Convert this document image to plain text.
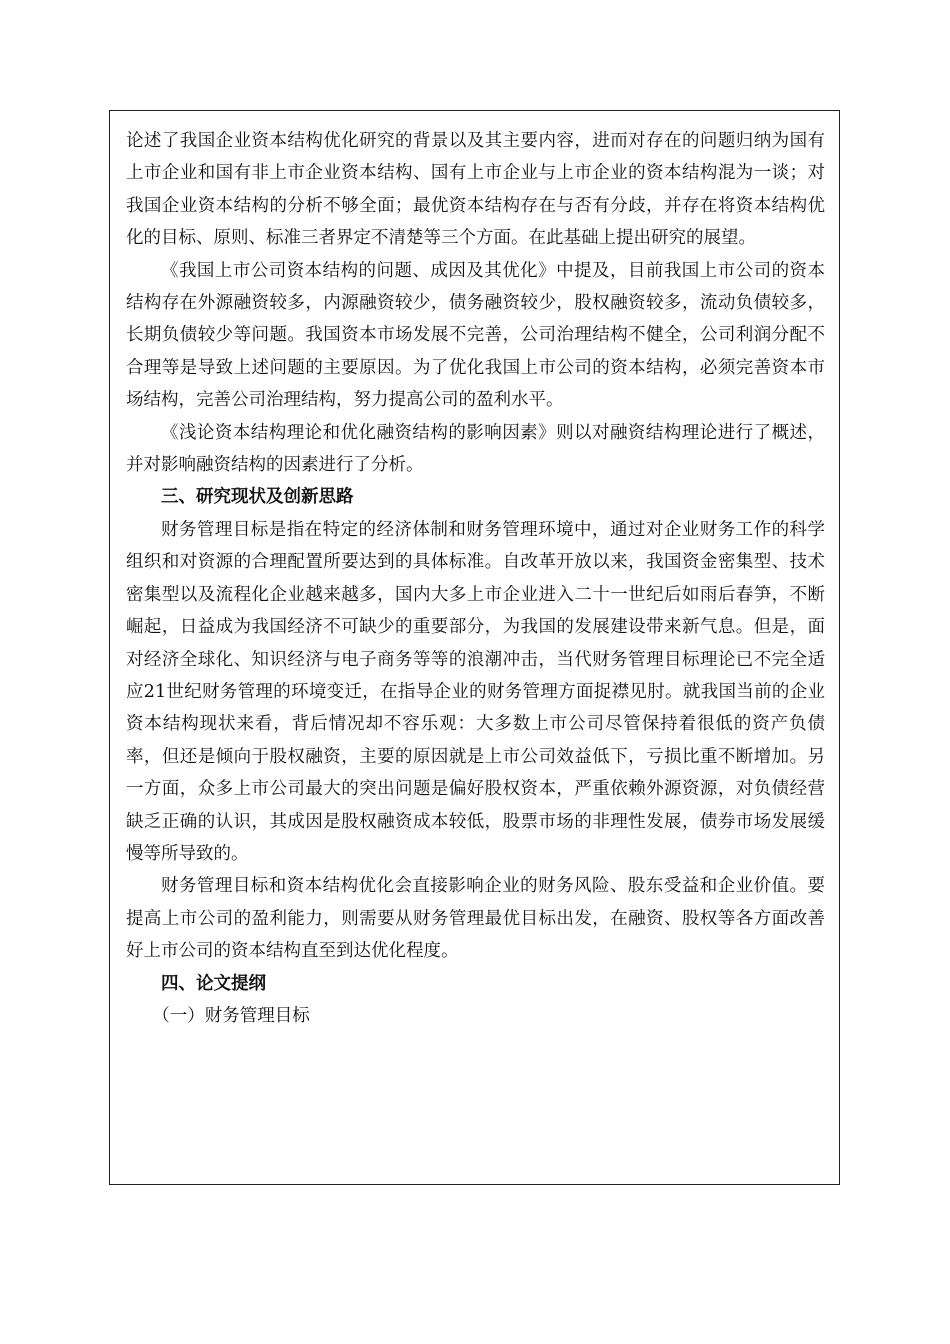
论述了我国企业资本结构优化研究的背景以及其主要内容，进而对存在的问题归纳为国有上市企业和国有非上市企业资本结构、国有上市企业与上市企业的资本结构混为一谈；对我国企业资本结构的分析不够全面；最优资本结构存在与否有分歧，并存在将资本结构优化的目标、原则、标准三者界定不清楚等三个方面。在此基础上提出研究的展望。

《我国上市公司资本结构的问题、成因及其优化》中提及，目前我国上市公司的资本结构存在外源融资较多，内源融资较少，债务融资较少，股权融资较多，流动负债较多，长期负债较少等问题。我国资本市场发展不完善，公司治理结构不健全，公司利润分配不合理等是导致上述问题的主要原因。为了优化我国上市公司的资本结构，必须完善资本市场结构，完善公司治理结构，努力提高公司的盈利水平。

《浅论资本结构理论和优化融资结构的影响因素》则以对融资结构理论进行了概述，并对影响融资结构的因素进行了分析。

三、研究现状及创新思路

财务管理目标是指在特定的经济体制和财务管理环境中，通过对企业财务工作的科学组织和对资源的合理配置所要达到的具体标准。自改革开放以来，我国资金密集型、技术密集型以及流程化企业越来越多，国内大多上市企业进入二十一世纪后如雨后春笋，不断崛起，日益成为我国经济不可缺少的重要部分，为我国的发展建设带来新气息。但是，面对经济全球化、知识经济与电子商务等等的浪潮冲击，当代财务管理目标理论已不完全适应21世纪财务管理的环境变迁，在指导企业的财务管理方面捉襟见肘。就我国当前的企业资本结构现状来看，背后情况却不容乐观：大多数上市公司尽管保持着很低的资产负债率，但还是倾向于股权融资，主要的原因就是上市公司效益低下，亏损比重不断增加。另一方面，众多上市公司最大的突出问题是偏好股权资本，严重依赖外源资源，对负债经营缺乏正确的认识，其成因是股权融资成本较低，股票市场的非理性发展，债券市场发展缓慢等所导致的。

财务管理目标和资本结构优化会直接影响企业的财务风险、股东受益和企业价值。要提高上市公司的盈利能力，则需要从财务管理最优目标出发，在融资、股权等各方面改善好上市公司的资本结构直至到达优化程度。

四、论文提纲

（一）财务管理目标
